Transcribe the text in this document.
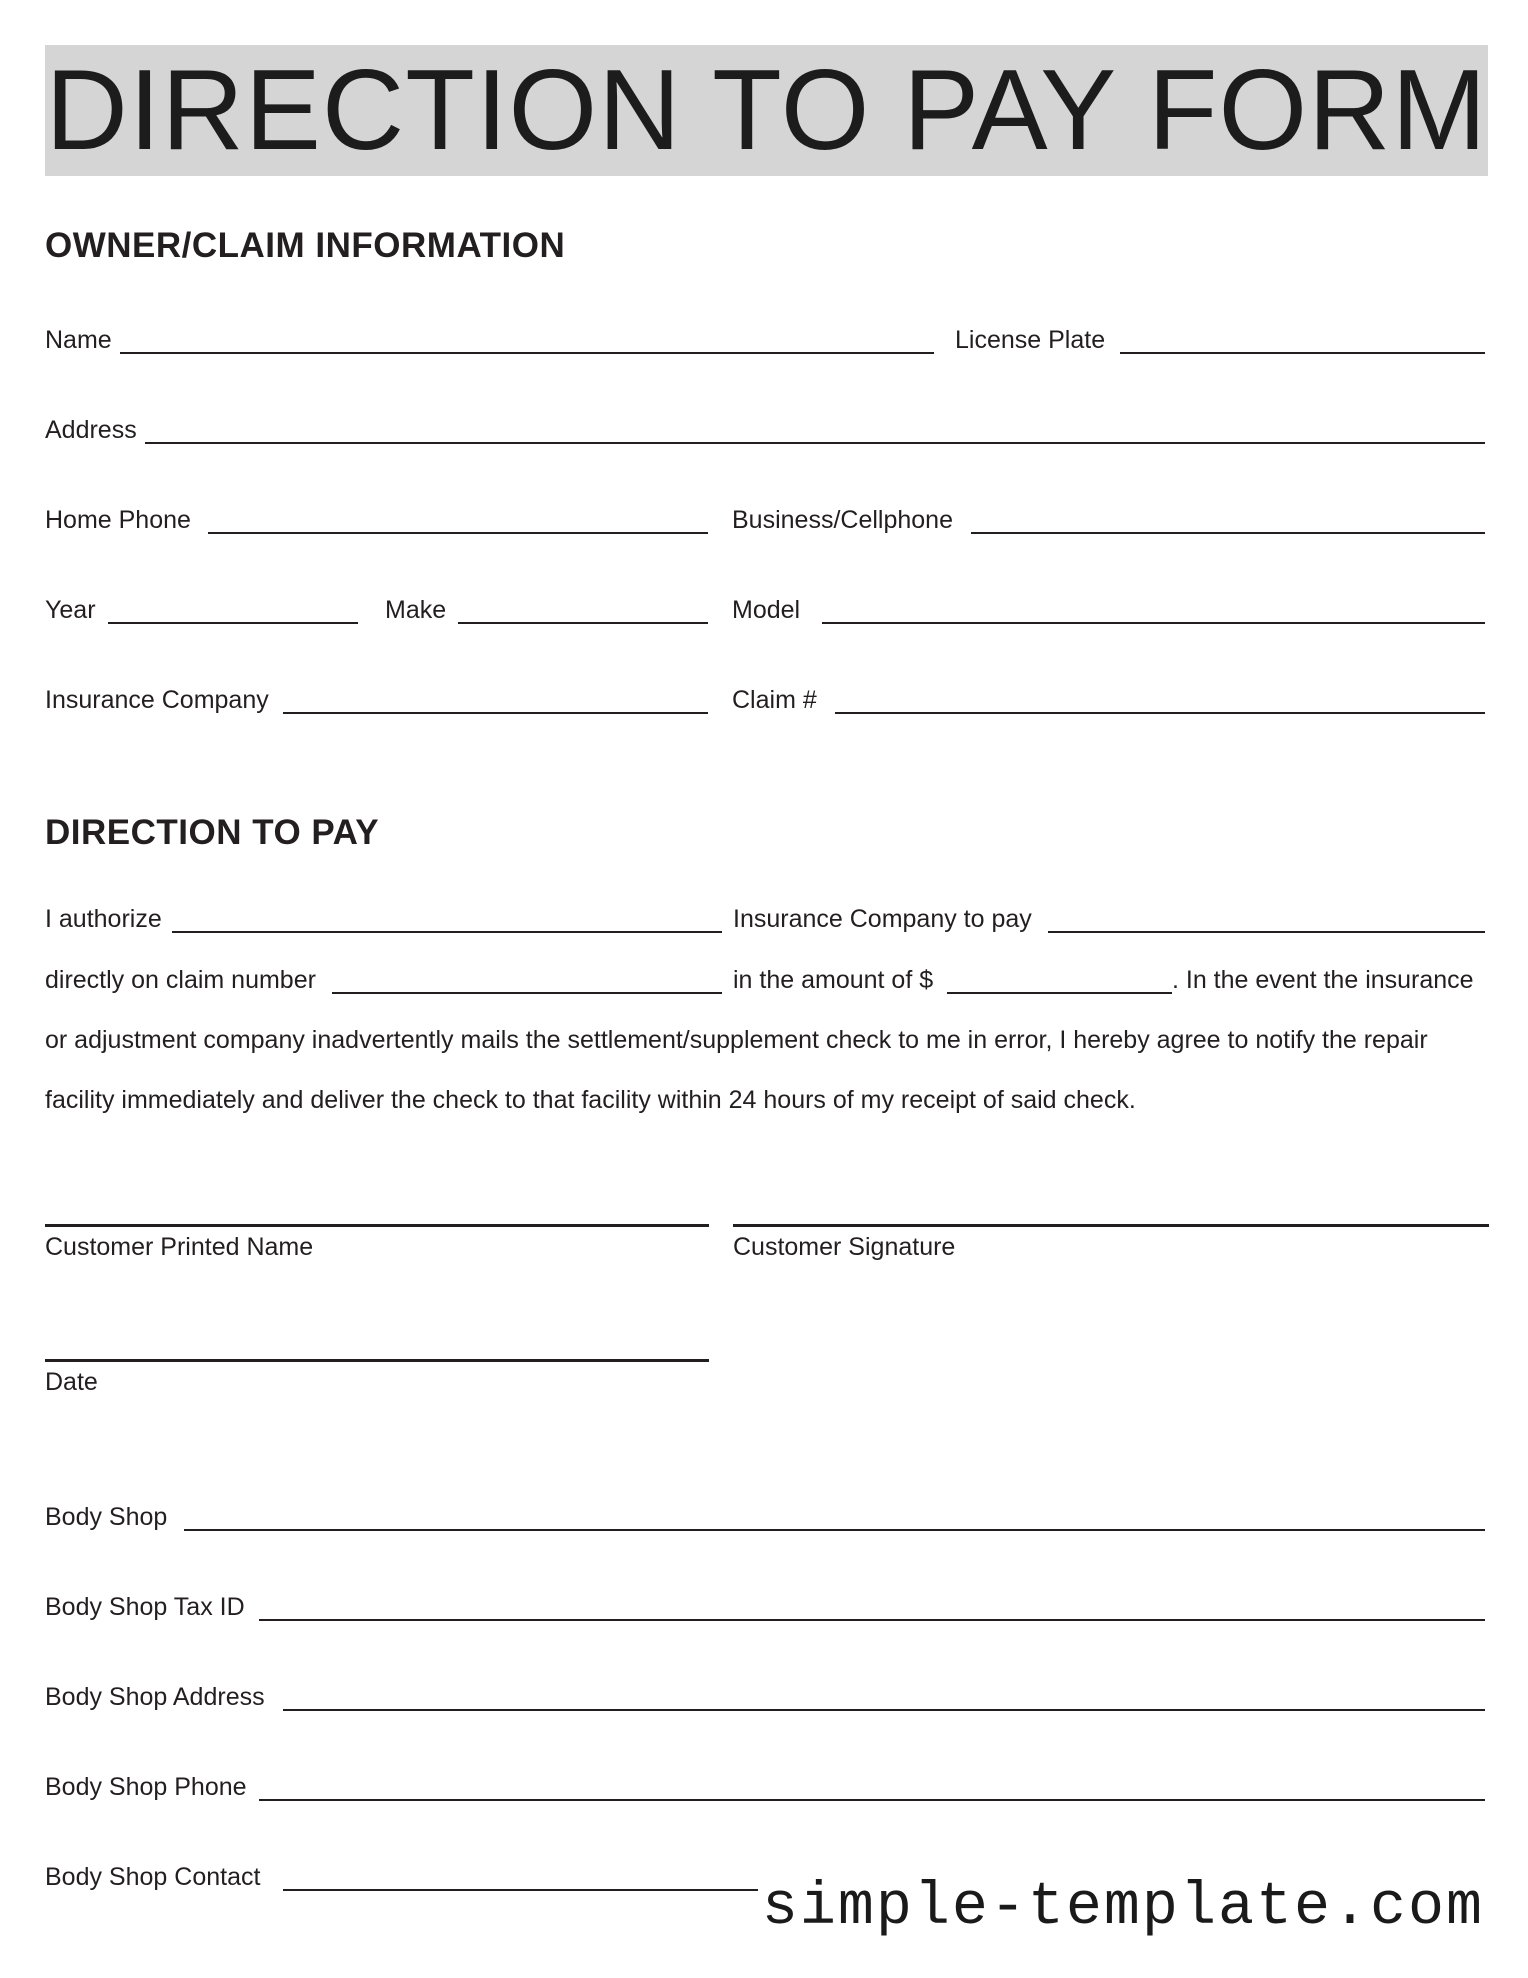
DIRECTION TO PAY FORM
OWNER/CLAIM INFORMATION
Name	License Plate
Address
Home Phone	Business/Cellphone
Year	Make	Model
Insurance Company	Claim #
DIRECTION TO PAY
I authorize	Insurance Company to pay
directly on claim number	in the amount of $	. In the event the insurance
or adjustment company inadvertently mails the settlement/supplement check to me in error, I hereby agree to notify the repair
facility immediately and deliver the check to that facility within 24 hours of my receipt of said check.
Customer Printed Name	Customer Signature
Date
Body Shop
Body Shop Tax ID
Body Shop Address
Body Shop Phone
Body Shop Contact	simple-template.com
